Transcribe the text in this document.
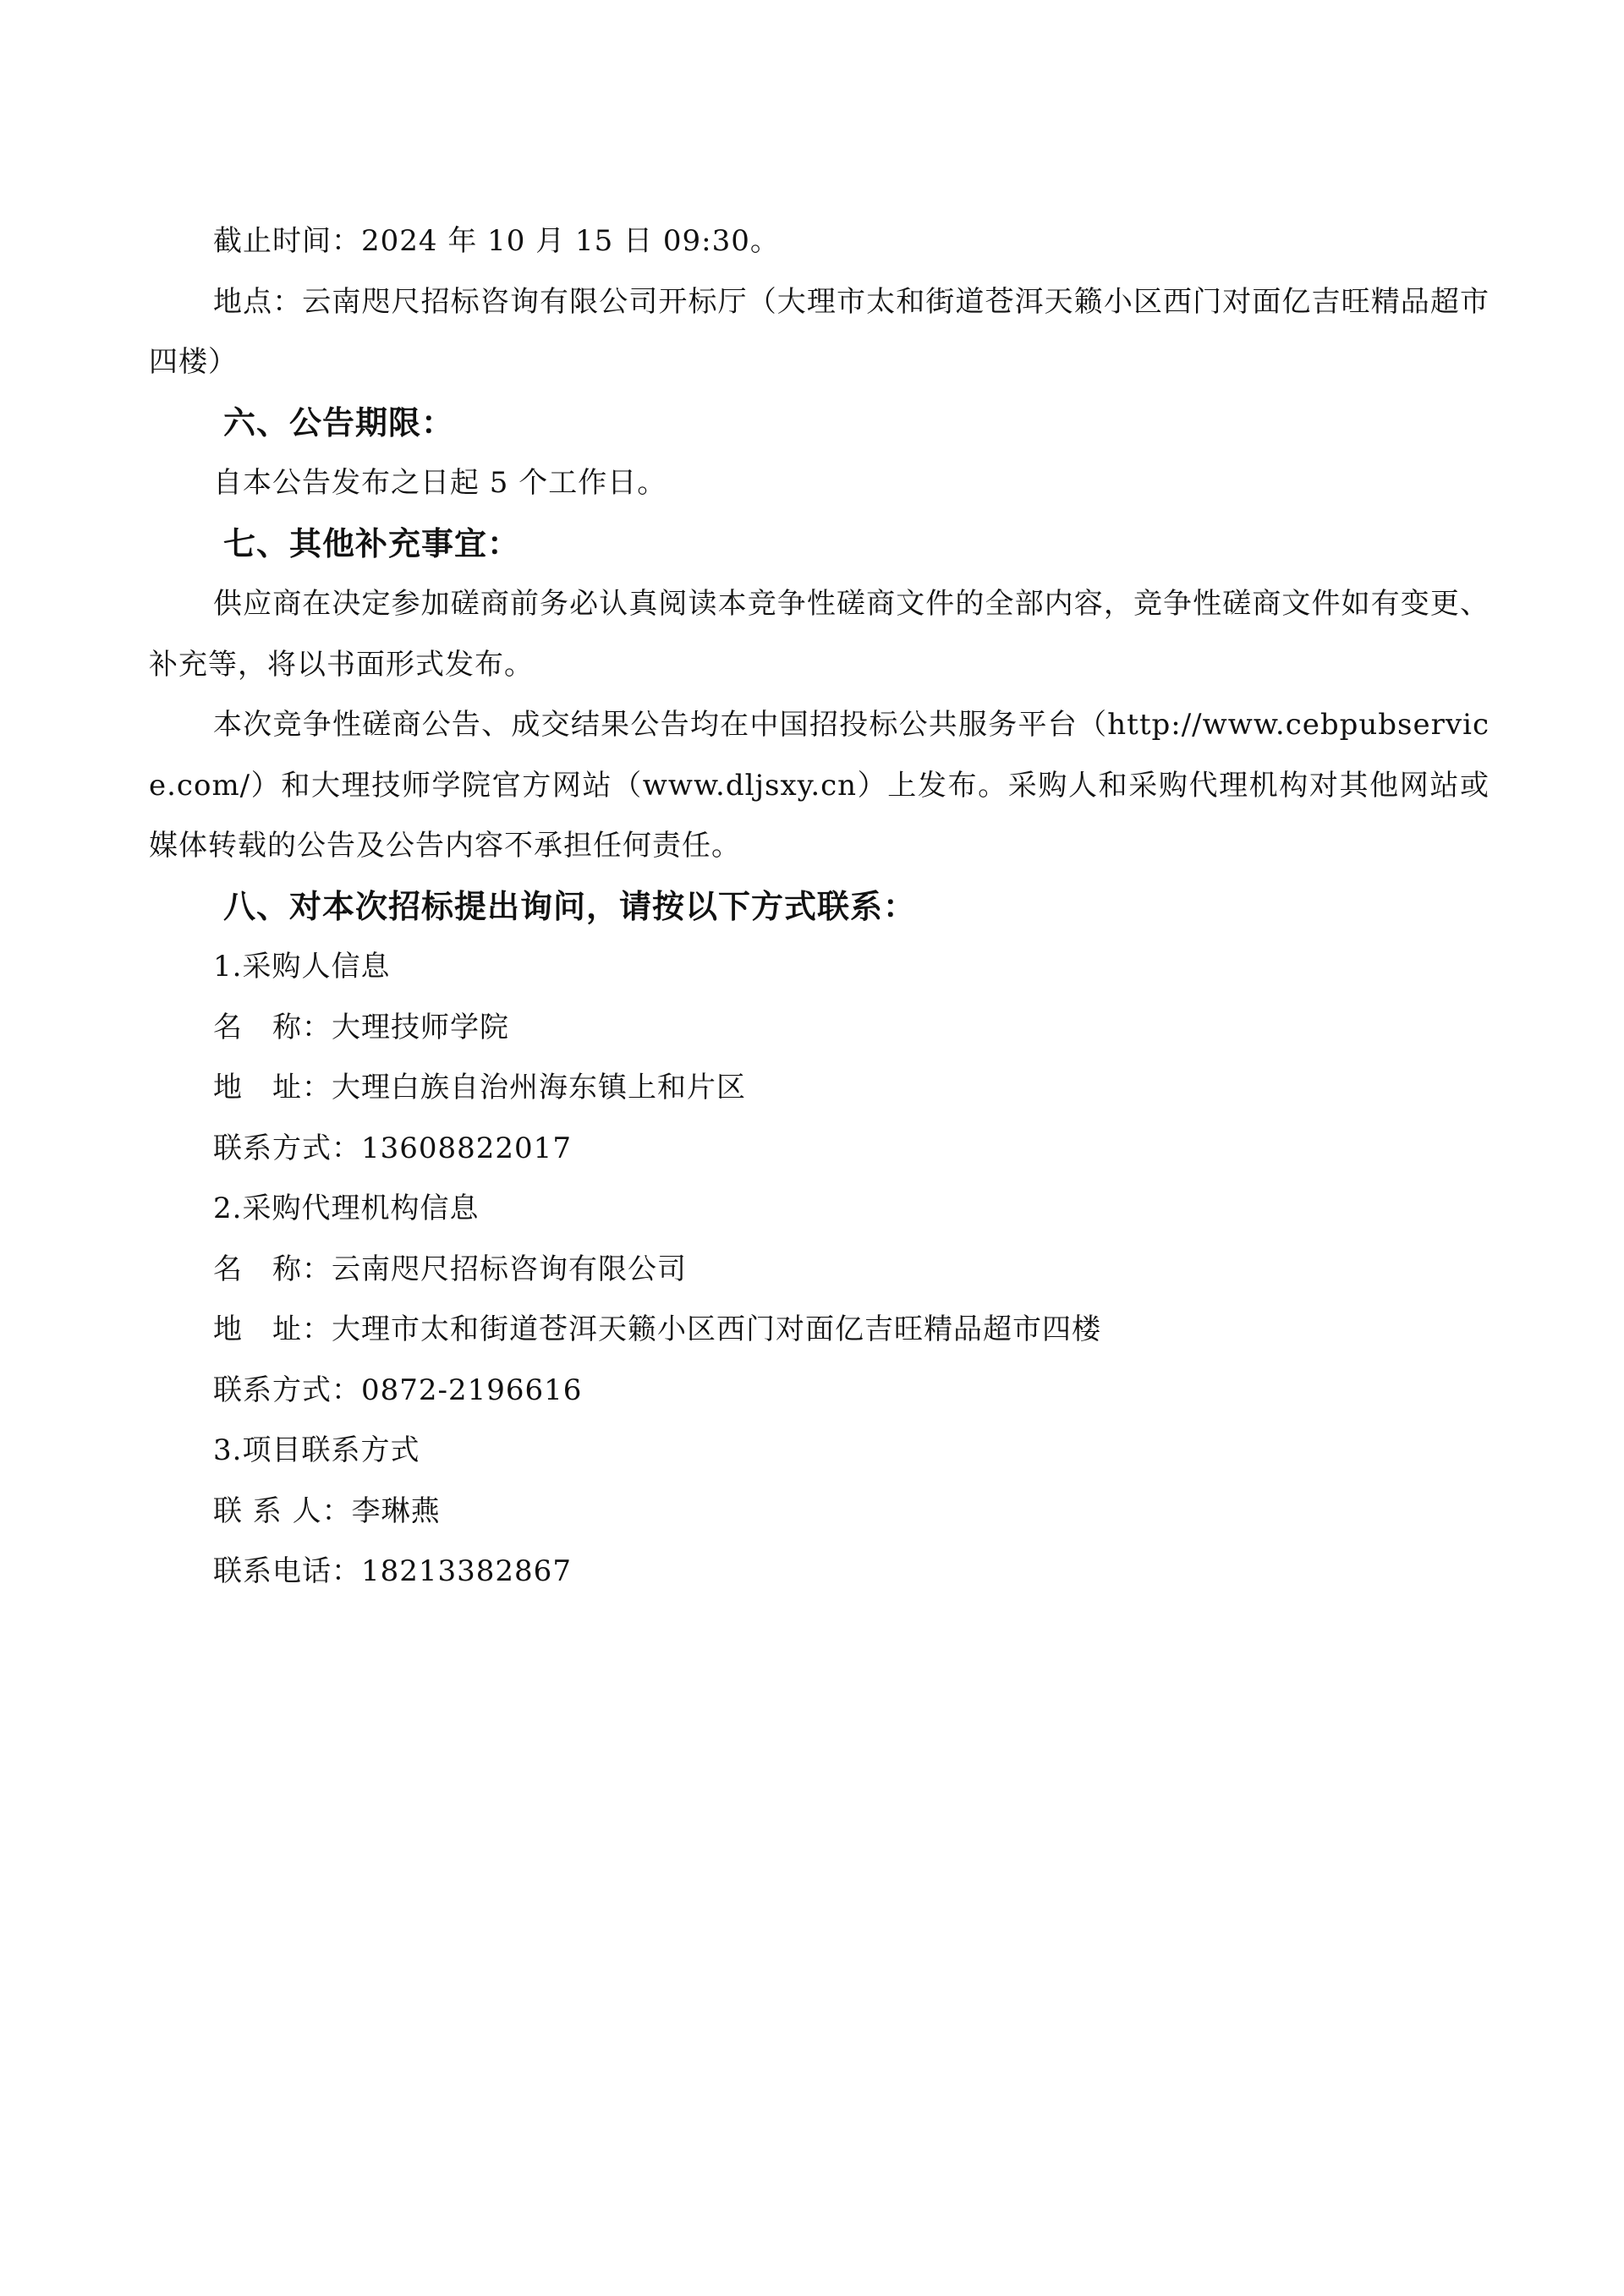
截止时间：2024 年 10 月 15 日 09:30。

地点：云南咫尺招标咨询有限公司开标厅（大理市太和街道苍洱天籁小区西门对面亿吉旺精品超市四楼）

六、公告期限：

自本公告发布之日起 5 个工作日。

七、其他补充事宜：

供应商在决定参加磋商前务必认真阅读本竞争性磋商文件的全部内容，竞争性磋商文件如有变更、补充等，将以书面形式发布。

本次竞争性磋商公告、成交结果公告均在中国招投标公共服务平台（http://www.cebpubservice.com/）和大理技师学院官方网站（www.dljsxy.cn）上发布。采购人和采购代理机构对其他网站或媒体转载的公告及公告内容不承担任何责任。

八、对本次招标提出询问，请按以下方式联系：

1.采购人信息

名　称：大理技师学院

地　址：大理白族自治州海东镇上和片区

联系方式：13608822017

2.采购代理机构信息

名　称：云南咫尺招标咨询有限公司

地　址：大理市太和街道苍洱天籁小区西门对面亿吉旺精品超市四楼

联系方式：0872-2196616

3.项目联系方式

联 系 人：李琳燕

联系电话：18213382867
